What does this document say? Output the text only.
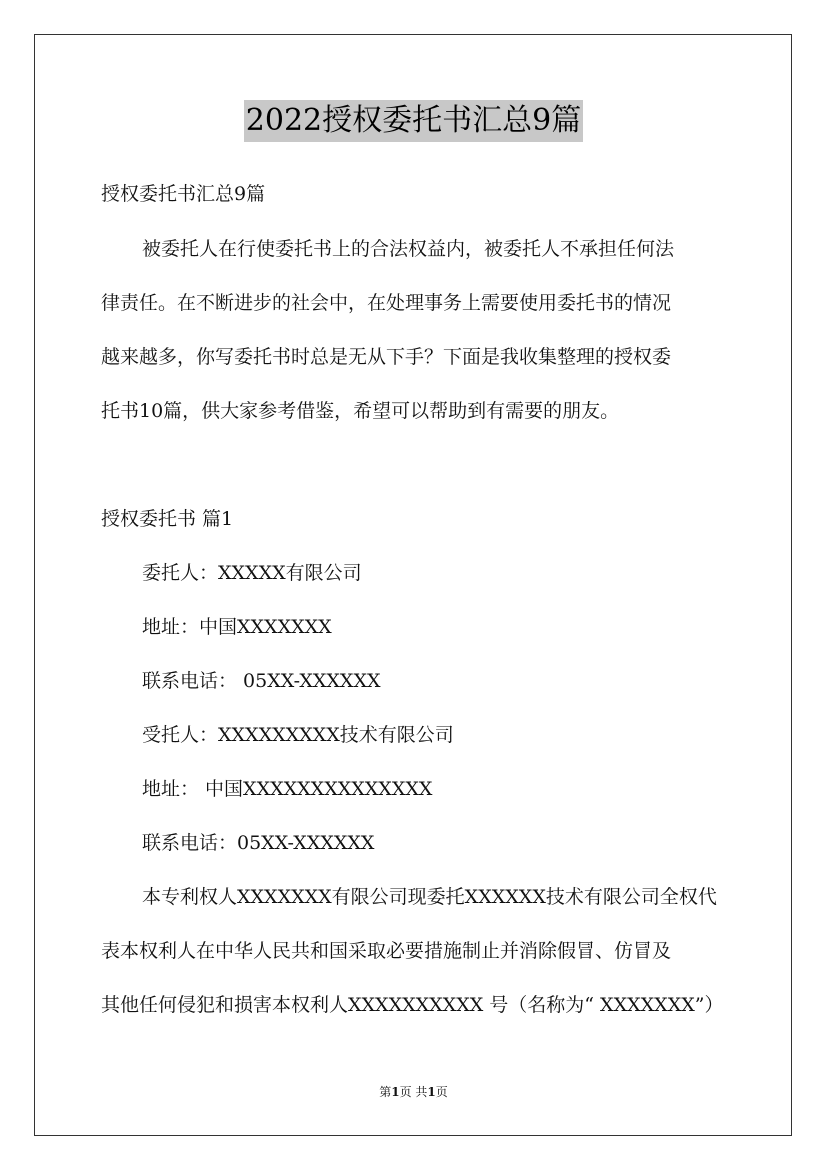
2022授权委托书汇总9篇
授权委托书汇总9篇
被委托人在行使委托书上的合法权益内，被委托人不承担任何法
律责任。在不断进步的社会中，在处理事务上需要使用委托书的情况
越来越多，你写委托书时总是无从下手？下面是我收集整理的授权委
托书10篇，供大家参考借鉴，希望可以帮助到有需要的朋友。
授权委托书 篇1
委托人：XXXXX有限公司
地址：中国XXXXXXX
联系电话： 05XX-XXXXXX
受托人：XXXXXXXXX技术有限公司
地址： 中国XXXXXXXXXXXXXX
联系电话：05XX-XXXXXX
本专利权人XXXXXXX有限公司现委托XXXXXX技术有限公司全权代
表本权利人在中华人民共和国采取必要措施制止并消除假冒、仿冒及
其他任何侵犯和损害本权利人XXXXXXXXXX 号（名称为“ XXXXXXX”）
第1页 共1页
